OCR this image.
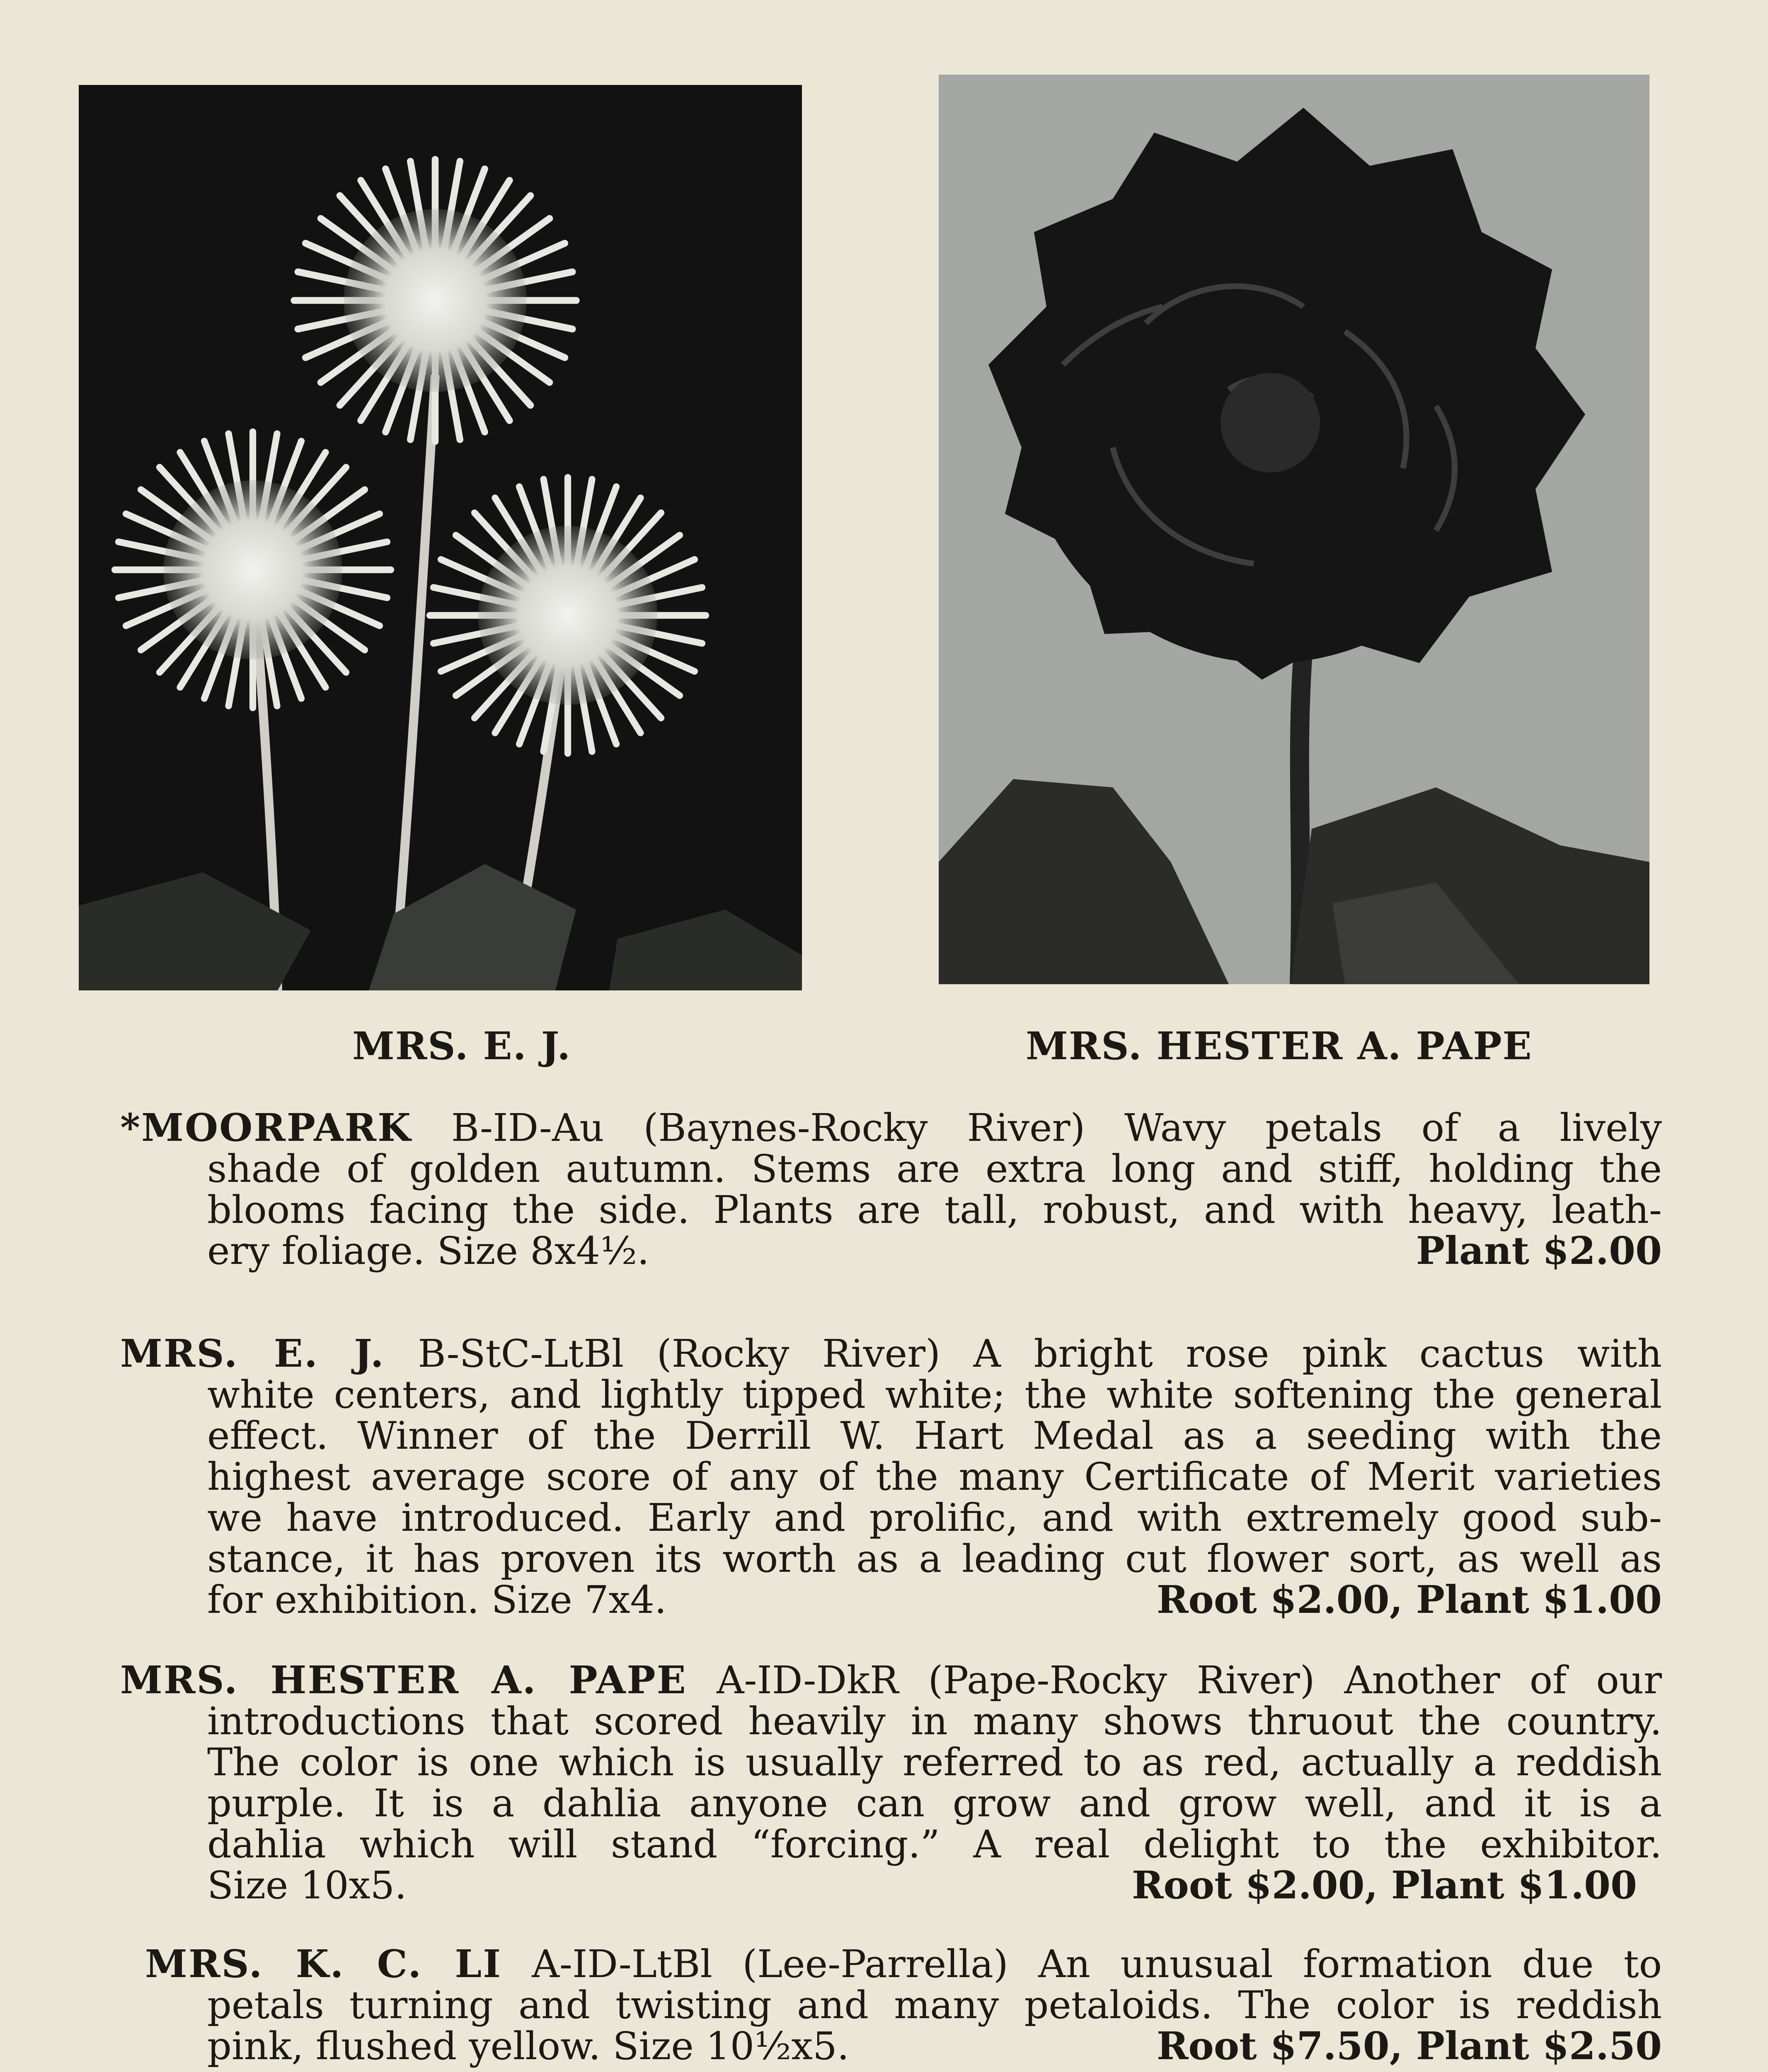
MRS. E. J.	MRS. HESTER A. PAPE
*MOORPARK B-ID-Au (Baynes-Rocky River) Wavy petals of a lively
shade of golden autumn. Stems are extra long and stiff, holding the
blooms facing the side. Plants are tall, robust, and with heavy, leath-
ery foliage. Size 8x4½.	Plant $2.00
MRS. E. J. B-StC-LtBl (Rocky River) A bright rose pink cactus with
white centers, and lightly tipped white; the white softening the general
effect. Winner of the Derrill W. Hart Medal as a seeding with the
highest average score of any of the many Certificate of Merit varieties
we have introduced. Early and prolific, and with extremely good sub-
stance, it has proven its worth as a leading cut flower sort, as well as
for exhibition. Size 7x4.	Root $2.00, Plant $1.00
MRS. HESTER A. PAPE A-ID-DkR (Pape-Rocky River) Another of our
introductions that scored heavily in many shows thruout the country.
The color is one which is usually referred to as red, actually a reddish
purple. It is a dahlia anyone can grow and grow well, and it is a
dahlia which will stand “forcing.” A real delight to the exhibitor.
Size 10x5.	Root $2.00, Plant $1.00
MRS. K. C. LI A-ID-LtBl (Lee-Parrella) An unusual formation due to
petals turning and twisting and many petaloids. The color is reddish
pink, flushed yellow. Size 10½x5.	Root $7.50, Plant $2.50
